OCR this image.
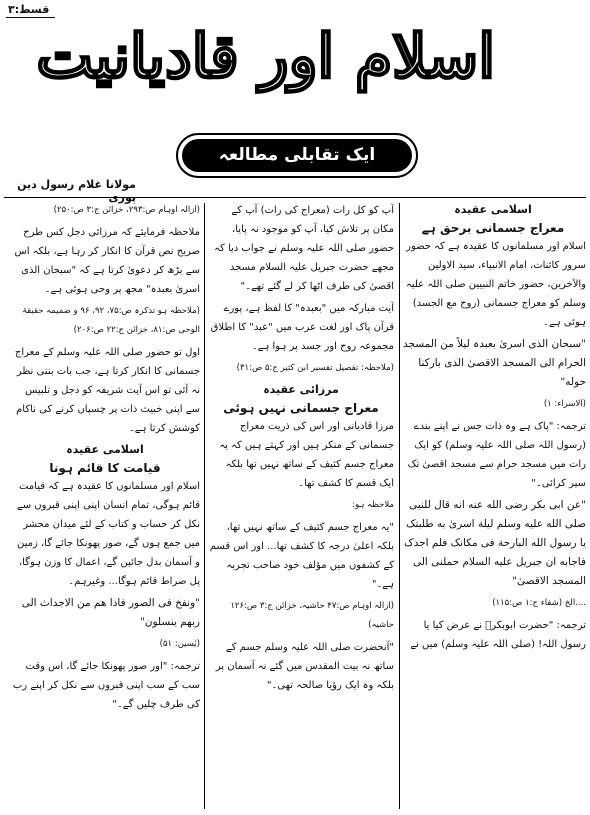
قسط:۳
اسلام اور قادیانیت
ایک تقابلی مطالعہ
مولانا غلام رسول دین پوری
اسلامی عقیدہ
معراج جسمانی برحق ہے
اسلام اور مسلمانوں کا عقیدہ ہے کہ حضور سرور کائنات، امام الانبیاء، سید الاولین والآخرین، حضور خاتم النبیین صلی اللہ علیہ وسلم کو معراج جسمانی (روح مع الجسد) ہوئی ہے۔
"سبحان الذی اسریٰ بعبدہ لیلاً من المسجد الحرام الی المسجد الاقصیٰ الذی بارکنا حوله"
(الاسراء: ۱)
ترجمہ: "پاک ہے وہ ذات جس نے اپنے بندے (رسول اللہ صلی اللہ علیہ وسلم) کو ایک رات میں مسجد حرام سے مسجد اقصیٰ تک سیر کرائی۔"
"عن ابی بکر رضی الله عنه انه قال للنبی صلی الله علیه وسلم لیلة اسریٰ به طلبتک یا رسول الله البارحة فی مکانک فلم اجدک فاجابه ان جبریل علیه السلام حملنی الی المسجد الاقصیٰ"
....الخ (شفاء ج:۱ ص:۱۱۵)
ترجمہ: "حضرت ابوبکرؓ نے عرض کیا یا رسول اللہ! (صلی اللہ علیہ وسلم) میں نے
آپ کو کل رات (معراج کی رات) آپ کے مکان پر تلاش کیا، آپ کو موجود نہ پایا، حضور صلی اللہ علیہ وسلم نے جواب دیا کہ مجھے حضرت جبریل علیہ السلام مسجد اقصیٰ کی طرف اٹھا کر لے گئے تھے۔"
آیت مبارکہ میں "بعبدہ" کا لفظ ہے، پورے قرآن پاک اور لغت عرب میں "عبد" کا اطلاق مجموعہ روح اور جسد پر ہوا ہے۔
(ملاحظہ: تفصیل تفسیر ابن کثیر ج:۵ ص:۳۱)
مرزائی عقیدہ
معراج جسمانی نہیں ہوئی
مرزا قادیانی اور اس کی ذریت معراج جسمانی کے منکر ہیں اور کہتے ہیں کہ یہ معراج جسم کثیف کے ساتھ نہیں تھا بلکہ ایک قسم کا کشف تھا۔
ملاحظہ ہو:
"یہ معراج جسم کثیف کے ساتھ نہیں تھا، بلکہ اعلیٰ درجہ کا کشف تھا... اور اس قسم کے کشفوں میں مؤلف خود صاحب تجربہ ہے۔"
(ازالہ اوہام ص:۴۷ حاشیہ، خزائن ج:۳ ص:۱۲۶ حاشیہ)
"آنحضرت صلی اللہ علیہ وسلم جسم کے ساتھ نہ بیت المقدس میں گئے نہ آسمان پر بلکہ وہ ایک رؤیا صالحہ تھی۔"
(ازالہ اوہام ص:۲۹۳، خزائن ج:۳ ص:۲۵۰)
ملاحظہ فرمایئے کہ مرزائی دجل کس طرح صریح نص قرآن کا انکار کر رہا ہے، بلکہ اس سے بڑھ کر دعویٰ کرتا ہے کہ "سبحان الذی اسریٰ بعبدہ" مجھ پر وحی ہوئی ہے۔
(ملاحظہ ہو تذکرہ ص:۷۵، ۹۲، ۹۶ و ضمیمہ حقیقۃ الوحی ص:۸۱، خزائن ج:۲۲ ص:۲۰۶)
اول تو حضور صلی اللہ علیہ وسلم کے معراج جسمانی کا انکار کرتا ہے، جب بات بنتی نظر نہ آئی تو اس آیت شریفہ کو دجل و تلبیس سے اپنی خبیث ذات پر چسپاں کرنے کی ناکام کوشش کرتا ہے۔
اسلامی عقیدہ
قیامت کا قائم ہونا
اسلام اور مسلمانوں کا عقیدہ ہے کہ قیامت قائم ہوگی، تمام انسان اپنی اپنی قبروں سے نکل کر حساب و کتاب کے لئے میدان محشر میں جمع ہوں گے، صور پھونکا جائے گا، زمین و آسمان بدل جائیں گے، اعمال کا وزن ہوگا، پل صراط قائم ہوگا... وغیرہم۔
"ونفخ فی الصور فاذا هم من الاجداث الی ربهم ینسلون"
(یٰسین: ۵۱)
ترجمہ: "اور صور پھونکا جائے گا، اس وقت سب کے سب اپنی قبروں سے نکل کر اپنے رب کی طرف چلیں گے۔"
